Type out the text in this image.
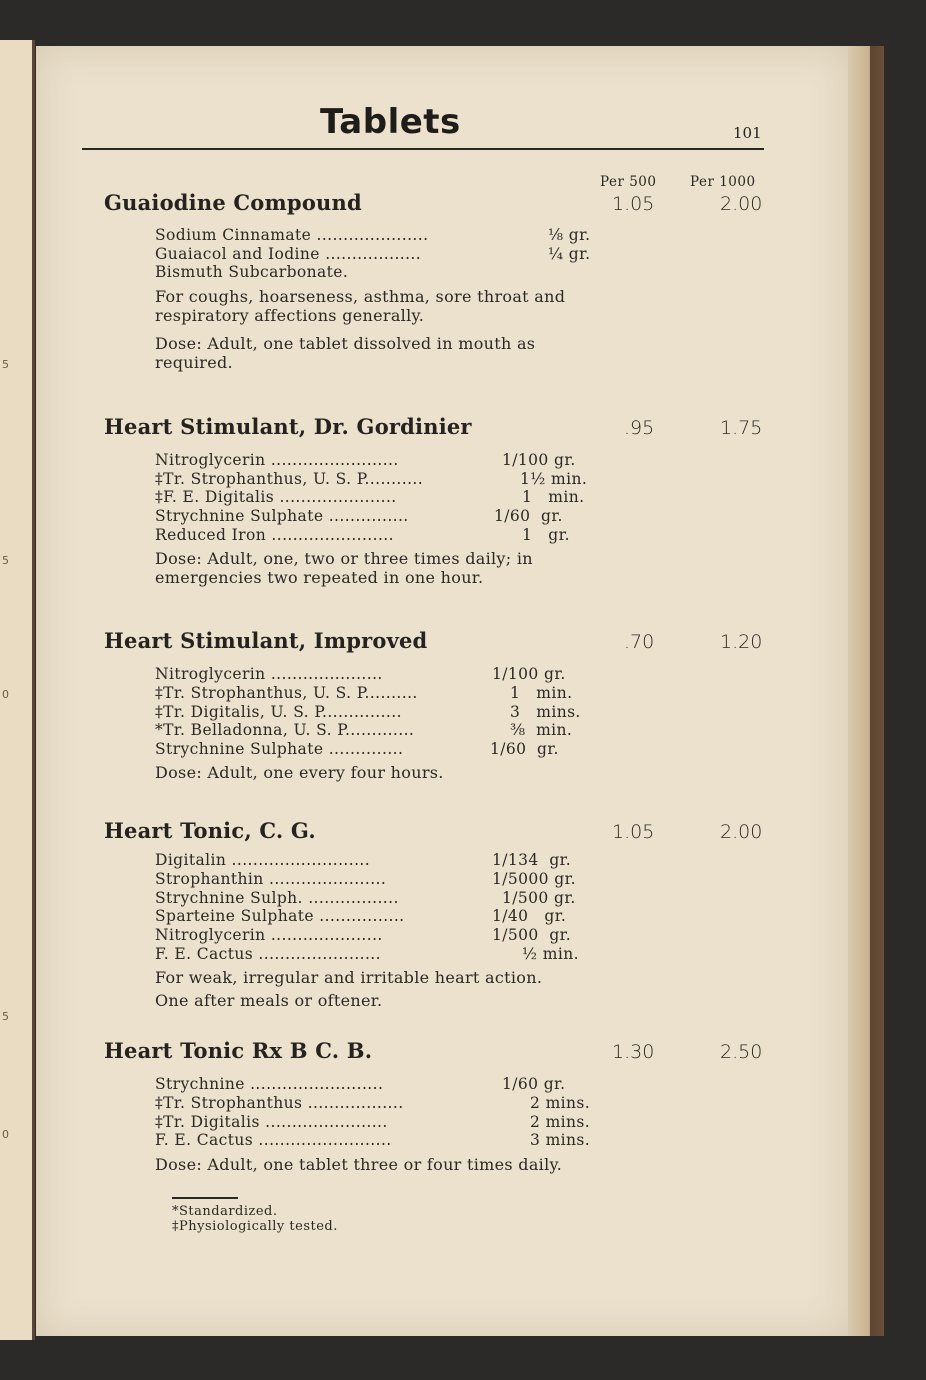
5
5
0
5
0
Tablets	101
Per 500 Per 1000
Guaiodine Compound	1.05	2.00
Sodium Cinnamate .....................	⅛ gr.
Guaiacol and Iodine ..................	¼ gr.
Bismuth Subcarbonate.
For coughs, hoarseness, asthma, sore throat and respiratory affections generally.
Dose: Adult, one tablet dissolved in mouth as required.
Heart Stimulant, Dr. Gordinier	.95	1.75
Nitroglycerin ........................	1/100 gr.
‡Tr. Strophanthus, U. S. P...........	1½ min.
‡F. E. Digitalis ......................	1   min.
Strychnine Sulphate ...............	1/60  gr.
Reduced Iron .......................	1   gr.
Dose: Adult, one, two or three times daily; in emergencies two repeated in one hour.
Heart Stimulant, Improved	.70	1.20
Nitroglycerin .....................	1/100 gr.
‡Tr. Strophanthus, U. S. P..........	1   min.
‡Tr. Digitalis, U. S. P...............	3   mins.
*Tr. Belladonna, U. S. P.............	⅜  min.
Strychnine Sulphate ..............	1/60  gr.
Dose: Adult, one every four hours.
Heart Tonic, C. G.	1.05	2.00
Digitalin ..........................	1/134  gr.
Strophanthin ......................	1/5000 gr.
Strychnine Sulph. .................	1/500 gr.
Sparteine Sulphate ................	1/40   gr.
Nitroglycerin .....................	1/500  gr.
F. E. Cactus .......................	½ min.
For weak, irregular and irritable heart action.
One after meals or oftener.
Heart Tonic Rx B C. B.	1.30	2.50
Strychnine .........................	1/60 gr.
‡Tr. Strophanthus ..................	2 mins.
‡Tr. Digitalis .......................	2 mins.
F. E. Cactus .........................	3 mins.
Dose: Adult, one tablet three or four times daily.
*Standardized.
‡Physiologically tested.
